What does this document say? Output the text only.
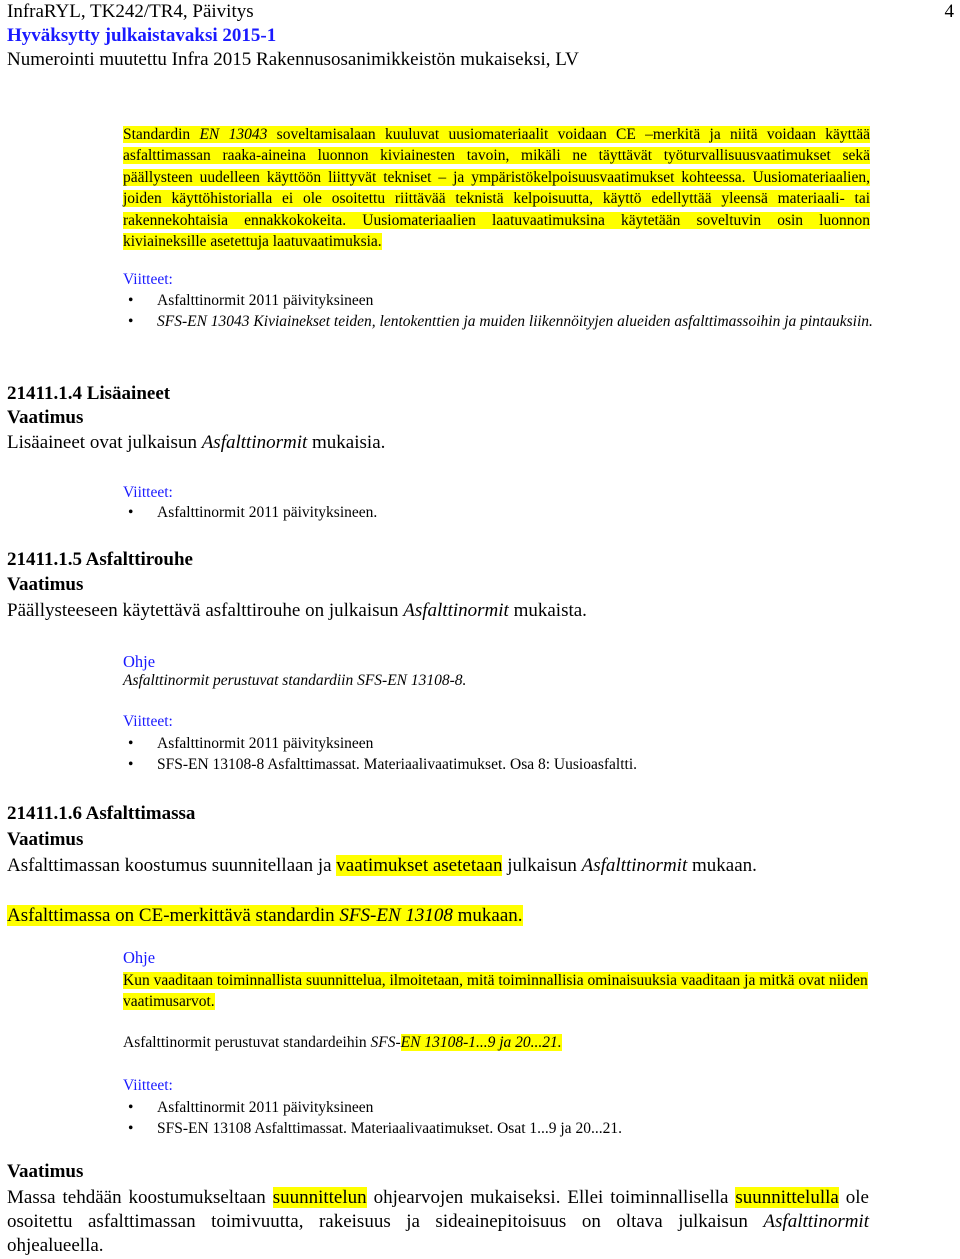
InfraRYL, TK242/TR4, Päivitys
Hyväksytty julkaistavaksi 2015-1
Numerointi muutettu Infra 2015 Rakennusosanimikkeistön mukaiseksi, LV
4
Standardin EN 13043 soveltamisalaan kuuluvat uusiomateriaalit voidaan CE –merkitä ja niitä voidaan käyttää asfalttimassan raaka-aineina luonnon kiviainesten tavoin, mikäli ne täyttävät työturvallisuusvaatimukset sekä päällysteen uudelleen käyttöön liittyvät tekniset – ja ympäristökelpoisuusvaatimukset kohteessa. Uusiomateriaalien, joiden käyttöhistorialla ei ole osoitettu riittävää teknistä kelpoisuutta, käyttö edellyttää yleensä materiaali- tai rakennekohtaisia ennakkokokeita. Uusiomateriaalien laatuvaatimuksina käytetään soveltuvin osin luonnon kiviaineksille asetettuja laatuvaatimuksia.
Viitteet:
• Asfalttinormit 2011 päivityksineen
• SFS-EN 13043 Kiviainekset teiden, lentokenttien ja muiden liikennöityjen alueiden asfalttimassoihin ja pintauksiin.
21411.1.4 Lisäaineet
Vaatimus
Lisäaineet ovat julkaisun Asfalttinormit mukaisia.
Viitteet:
• Asfalttinormit 2011 päivityksineen.
21411.1.5 Asfalttirouhe
Vaatimus
Päällysteeseen käytettävä asfalttirouhe on julkaisun Asfalttinormit mukaista.
Ohje
Asfalttinormit perustuvat standardiin SFS-EN 13108-8.
Viitteet:
• Asfalttinormit 2011 päivityksineen
• SFS-EN 13108-8 Asfalttimassat. Materiaalivaatimukset. Osa 8: Uusioasfaltti.
21411.1.6 Asfalttimassa
Vaatimus
Asfalttimassan koostumus suunnitellaan ja vaatimukset asetetaan julkaisun Asfalttinormit mukaan.
Asfalttimassa on CE-merkittävä standardin SFS-EN 13108 mukaan.
Ohje
Kun vaaditaan toiminnallista suunnittelua, ilmoitetaan, mitä toiminnallisia ominaisuuksia vaaditaan ja mitkä ovat niiden vaatimusarvot.
Asfalttinormit perustuvat standardeihin SFS-EN 13108-1...9 ja 20...21.
Viitteet:
• Asfalttinormit 2011 päivityksineen
• SFS-EN 13108 Asfalttimassat. Materiaalivaatimukset. Osat 1...9 ja 20...21.
Vaatimus
Massa tehdään koostumukseltaan suunnittelun ohjearvojen mukaiseksi. Ellei toiminnallisella suunnittelulla ole osoitettu asfalttimassan toimivuutta, rakeisuus ja sideainepitoisuus on oltava julkaisun Asfalttinormit ohjealueella.
